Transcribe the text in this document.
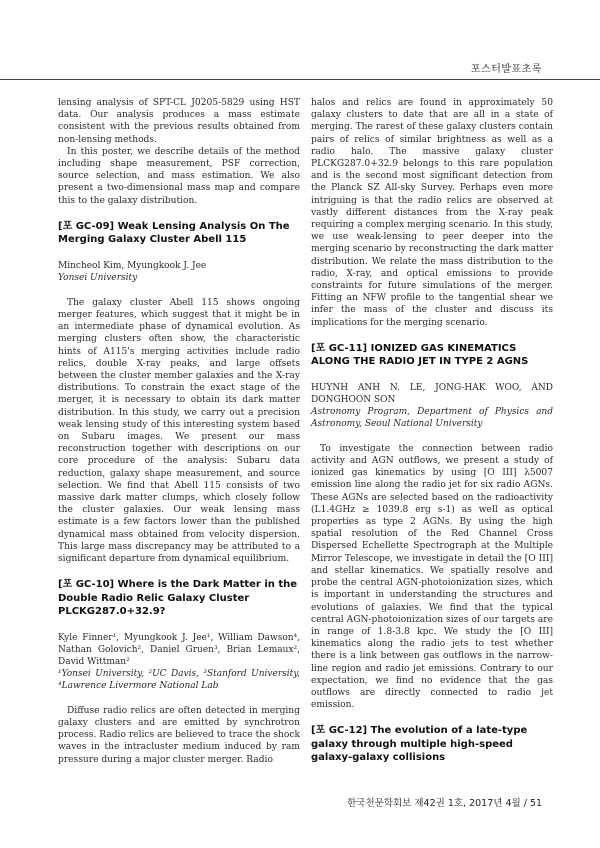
포스터발표초록

lensing analysis of SPT-CL J0205-5829 using HST data. Our analysis produces a mass estimate consistent with the previous results obtained from non-lensing methods.

In this poster, we describe details of the method including shape measurement, PSF correction, source selection, and mass estimation. We also present a two-dimensional mass map and compare this to the galaxy distribution.

[포 GC-09] Weak Lensing Analysis On The Merging Galaxy Cluster Abell 115

Mincheol Kim, Myungkook J. Jee

Yonsei University

The galaxy cluster Abell 115 shows ongoing merger features, which suggest that it might be in an intermediate phase of dynamical evolution. As merging clusters often show, the characteristic hints of A115's merging activities include radio relics, double X-ray peaks, and large offsets between the cluster member galaxies and the X-ray distributions. To constrain the exact stage of the merger, it is necessary to obtain its dark matter distribution. In this study, we carry out a precision weak lensing study of this interesting system based on Subaru images. We present our mass reconstruction together with descriptions on our core procedure of the analysis: Subaru data reduction, galaxy shape measurement, and source selection. We find that Abell 115 consists of two massive dark matter clumps, which closely follow the cluster galaxies. Our weak lensing mass estimate is a few factors lower than the published dynamical mass obtained from velocity dispersion. This large mass discrepancy may be attributed to a significant departure from dynamical equilibrium.

[포 GC-10] Where is the Dark Matter in the Double Radio Relic Galaxy Cluster PLCKG287.0+32.9?

Kyle Finner¹, Myungkook J. Jee¹, William Dawson⁴, Nathan Golovich², Daniel Gruen³, Brian Lemaux², David Wittman²

¹Yonsei University, ²UC Davis, ³Stanford University, ⁴Lawrence Livermore National Lab

Diffuse radio relics are often detected in merging galaxy clusters and are emitted by synchrotron process. Radio relics are believed to trace the shock waves in the intracluster medium induced by ram pressure during a major cluster merger. Radio

halos and relics are found in approximately 50 galaxy clusters to date that are all in a state of merging. The rarest of these galaxy clusters contain pairs of relics of similar brightness as well as a radio halo. The massive galaxy cluster PLCKG287.0+32.9 belongs to this rare population and is the second most significant detection from the Planck SZ All-sky Survey. Perhaps even more intriguing is that the radio relics are observed at vastly different distances from the X-ray peak requiring a complex merging scenario. In this study, we use weak-lensing to peer deeper into the merging scenario by reconstructing the dark matter distribution. We relate the mass distribution to the radio, X-ray, and optical emissions to provide constraints for future simulations of the merger. Fitting an NFW profile to the tangential shear we infer the mass of the cluster and discuss its implications for the merging scenario.

[포 GC-11] IONIZED GAS KINEMATICS ALONG THE RADIO JET IN TYPE 2 AGNS

HUYNH ANH N. LE, JONG-HAK WOO, AND DONGHOON SON

Astronomy Program, Department of Physics and Astronomy, Seoul National University

To investigate the connection between radio activity and AGN outflows, we present a study of ionized gas kinematics by using [O III] λ5007 emission line along the radio jet for six radio AGNs. These AGNs are selected based on the radioactivity (L1.4GHz ≥ 1039.8 erg s-1) as well as optical properties as type 2 AGNs. By using the high spatial resolution of the Red Channel Cross Dispersed Echellette Spectrograph at the Multiple Mirror Telescope, we investigate in detail the [O III] and stellar kinematics. We spatially resolve and probe the central AGN-photoionization sizes, which is important in understanding the structures and evolutions of galaxies. We find that the typical central AGN-photoionization sizes of our targets are in range of 1.8-3.8 kpc. We study the [O III] kinematics along the radio jets to test whether there is a link between gas outflows in the narrow-line region and radio jet emissions. Contrary to our expectation, we find no evidence that the gas outflows are directly connected to radio jet emission.

[포 GC-12] The evolution of a late-type galaxy through multiple high-speed galaxy-galaxy collisions
한국천문학회보 제42권 1호, 2017년 4월 / 51
